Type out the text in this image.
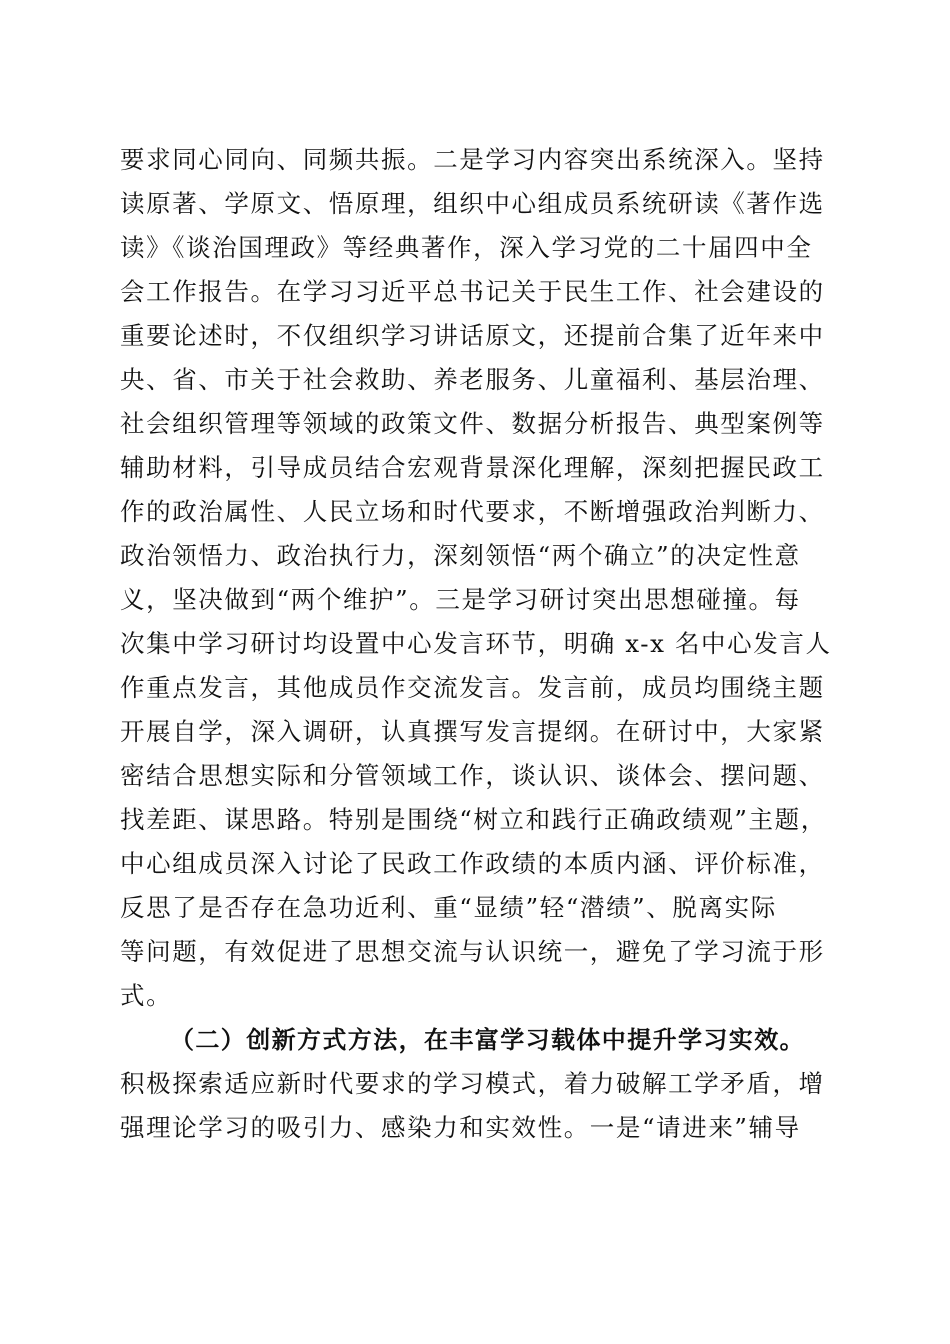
要求同心同向、同频共振。二是学习内容突出系统深入。坚持
读原著、学原文、悟原理，组织中心组成员系统研读《著作选
读》《谈治国理政》等经典著作，深入学习党的二十届四中全
会工作报告。在学习习近平总书记关于民生工作、社会建设的
重要论述时，不仅组织学习讲话原文，还提前合集了近年来中
央、省、市关于社会救助、养老服务、儿童福利、基层治理、
社会组织管理等领域的政策文件、数据分析报告、典型案例等
辅助材料，引导成员结合宏观背景深化理解，深刻把握民政工
作的政治属性、人民立场和时代要求，不断增强政治判断力、
政治领悟力、政治执行力，深刻领悟“两个确立”的决定性意
义，坚决做到“两个维护”。三是学习研讨突出思想碰撞。每
次集中学习研讨均设置中心发言环节，明确 x-x 名中心发言人
作重点发言，其他成员作交流发言。发言前，成员均围绕主题
开展自学，深入调研，认真撰写发言提纲。在研讨中，大家紧
密结合思想实际和分管领域工作，谈认识、谈体会、摆问题、
找差距、谋思路。特别是围绕“树立和践行正确政绩观”主题，
中心组成员深入讨论了民政工作政绩的本质内涵、评价标准，
反思了是否存在急功近利、重“显绩”轻“潜绩”、脱离实际
等问题，有效促进了思想交流与认识统一，避免了学习流于形
式。
（二）创新方式方法，在丰富学习载体中提升学习实效。
积极探索适应新时代要求的学习模式，着力破解工学矛盾，增
强理论学习的吸引力、感染力和实效性。一是“请进来”辅导
